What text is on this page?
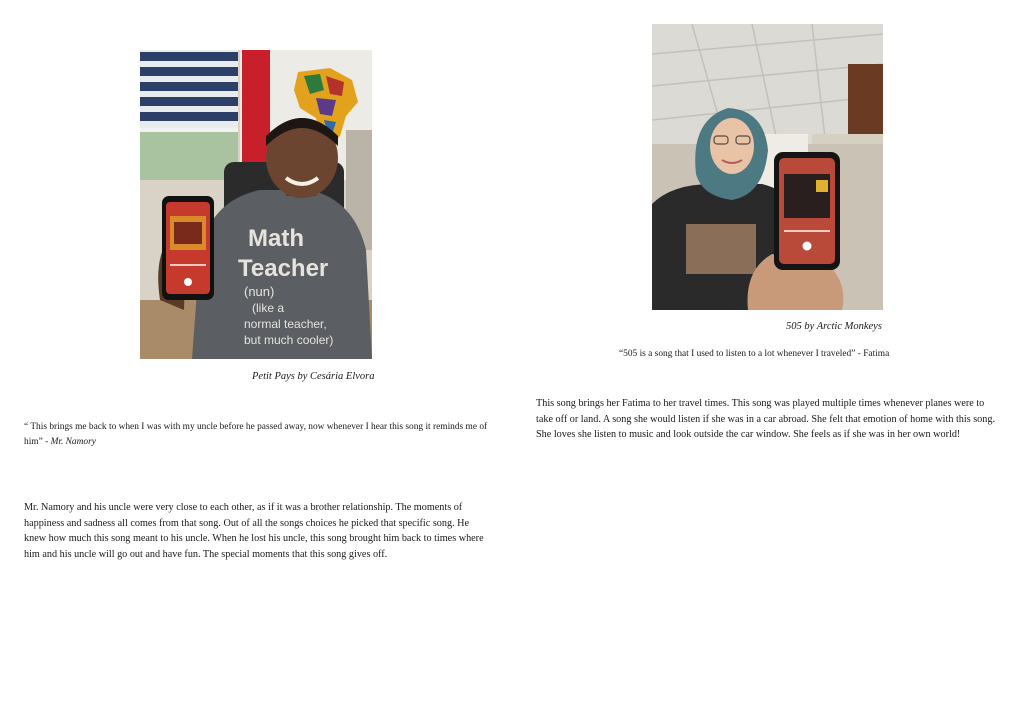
Math
Teacher
(nun)
(like a
normal teacher,
but much cooler)
Petit Pays by Cesária Elvora
“ This brings me back to when I was with my uncle before he passed away, now whenever I hear this song it reminds me of him” - Mr. Namory
Mr. Namory and his uncle were very close to each other, as if it was a brother relationship. The moments of happiness and sadness all comes from that song. Out of all the songs choices he picked that specific song. He knew how much this song meant to his uncle. When he lost his uncle, this song brought him back to times where him and his uncle will go out and have fun. The special moments that this song gives off.
505 by Arctic Monkeys
“505 is a song that I used to listen to a lot whenever I traveled” - Fatima
This song brings her Fatima to her travel times. This song was played multiple times whenever planes were to take off or land. A song she would listen if she was in a car abroad. She felt that emotion of home with this song. She loves she listen to music and look outside the car window. She feels as if she was in her own world!
